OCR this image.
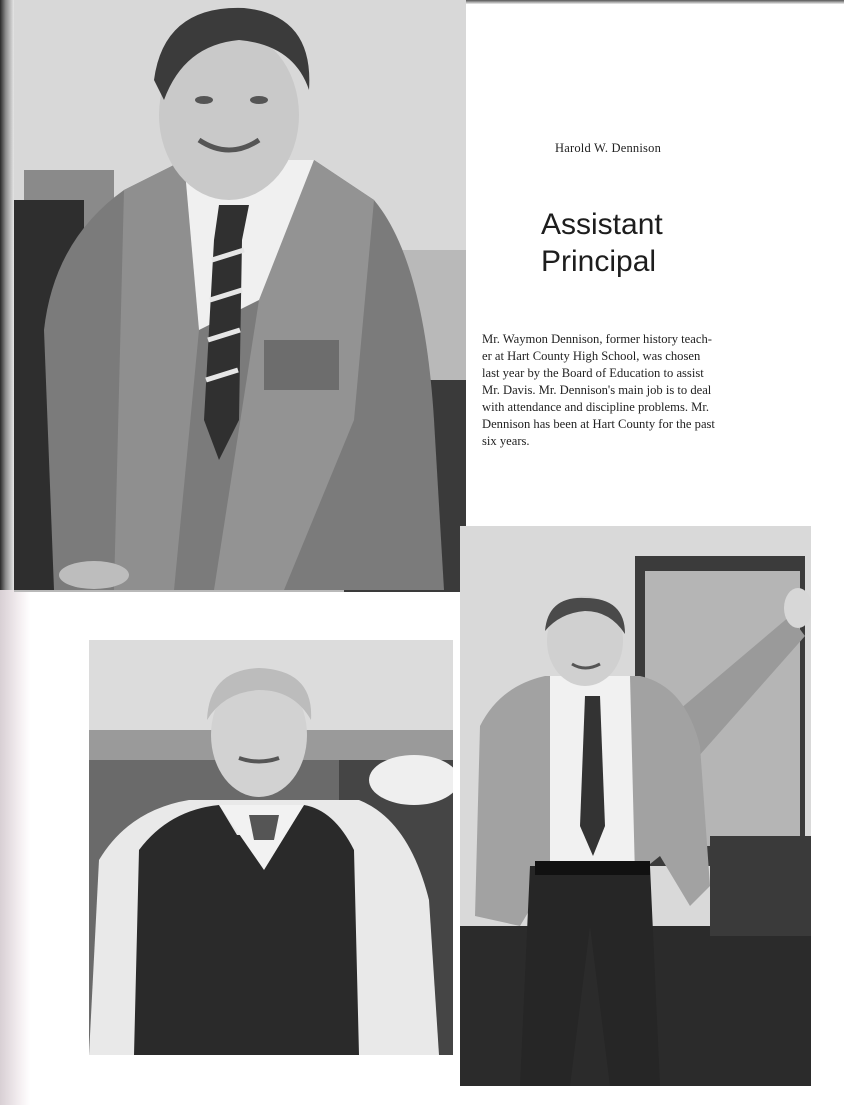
Harold W. Dennison
Assistant
Principal

Mr. Waymon Dennison, former history teach-
er at Hart County High School, was chosen
last year by the Board of Education to assist
Mr. Davis. Mr. Dennison's main job is to deal
with attendance and discipline problems. Mr.
Dennison has been at Hart County for the past
six years.
